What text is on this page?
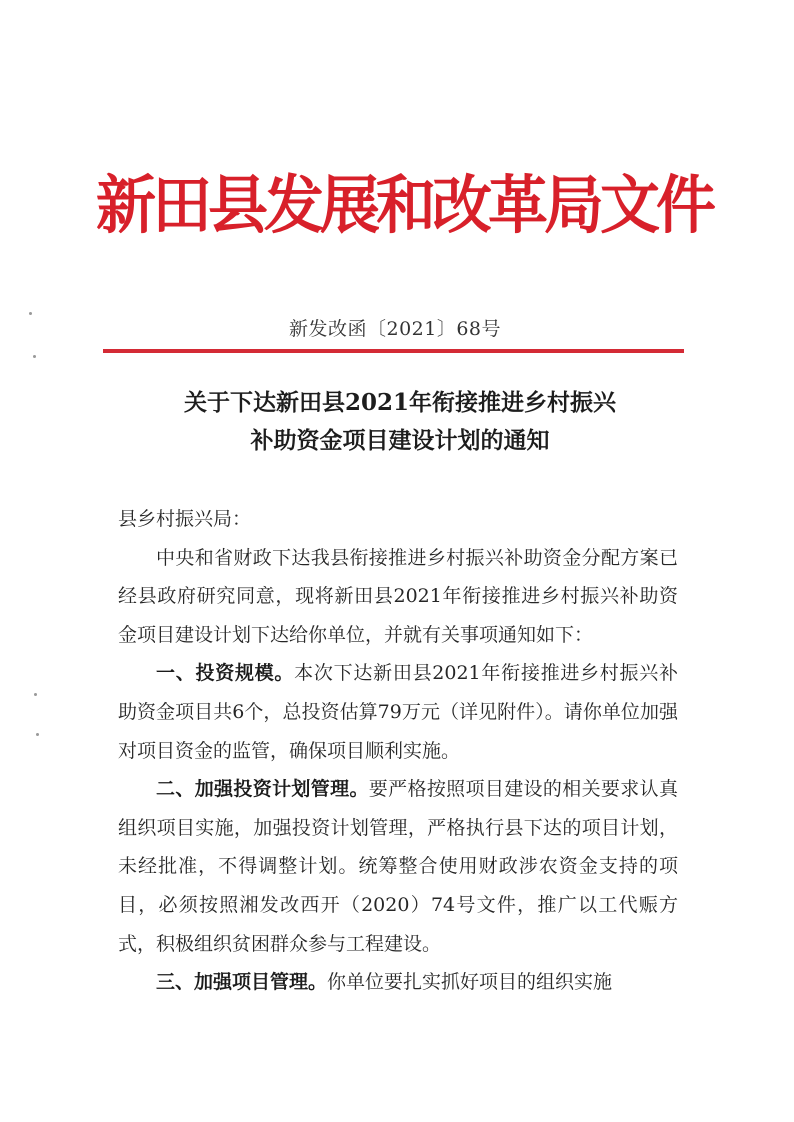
新田县发展和改革局文件
新发改函〔2021〕68号
关于下达新田县2021年衔接推进乡村振兴
补助资金项目建设计划的通知

县乡村振兴局：

中央和省财政下达我县衔接推进乡村振兴补助资金分配方案已经县政府研究同意，现将新田县2021年衔接推进乡村振兴补助资金项目建设计划下达给你单位，并就有关事项通知如下：

一、投资规模。本次下达新田县2021年衔接推进乡村振兴补助资金项目共6个，总投资估算79万元（详见附件）。请你单位加强对项目资金的监管，确保项目顺利实施。

二、加强投资计划管理。要严格按照项目建设的相关要求认真组织项目实施，加强投资计划管理，严格执行县下达的项目计划，未经批准，不得调整计划。统筹整合使用财政涉农资金支持的项目，必须按照湘发改西开（2020）74号文件，推广以工代赈方式，积极组织贫困群众参与工程建设。

三、加强项目管理。你单位要扎实抓好项目的组织实施
